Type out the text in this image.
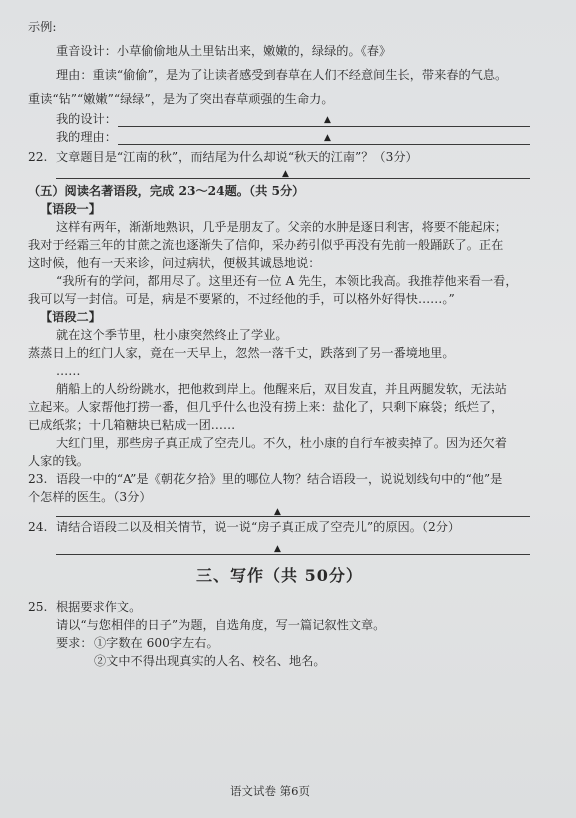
示例:
重音设计：小草偷偷地从土里钻出来，嫩嫩的，绿绿的。《春》
理由：重读“偷偷”，是为了让读者感受到春草在人们不经意间生长，带来春的气息。
重读“钻”“嫩嫩”“绿绿”，是为了突出春草顽强的生命力。
我的设计：	▲
我的理由：	▲
22. 文章题目是“江南的秋”，而结尾为什么却说“秋天的江南”？（3分）
▲
（五）阅读名著语段，完成 23～24题。（共 5分）
【语段一】
这样有两年，渐渐地熟识，几乎是朋友了。父亲的水肿是逐日利害，将要不能起床；
我对于经霜三年的甘蔗之流也逐渐失了信仰，采办药引似乎再没有先前一般踊跃了。正在
这时候，他有一天来诊，问过病状，便极其诚恳地说：
“我所有的学问，都用尽了。这里还有一位 A 先生，本领比我高。我推荐他来看一看，
我可以写一封信。可是，病是不要紧的，不过经他的手，可以格外好得快……。”
【语段二】
就在这个季节里，杜小康突然终止了学业。
蒸蒸日上的红门人家，竟在一天早上，忽然一落千丈，跌落到了另一番境地里。
……
艄船上的人纷纷跳水，把他救到岸上。他醒来后，双目发直，并且两腿发软，无法站
立起来。人家帮他打捞一番，但几乎什么也没有捞上来：盐化了，只剩下麻袋；纸烂了，
已成纸浆；十几箱糖块已粘成一团……
大红门里，那些房子真正成了空壳儿。不久，杜小康的自行车被卖掉了。因为还欠着
人家的钱。
23. 语段一中的“A”是《朝花夕拾》里的哪位人物？结合语段一，说说划线句中的“他”是
个怎样的医生。（3分）
▲
24. 请结合语段二以及相关情节，说一说“房子真正成了空壳儿”的原因。（2分）
▲
三、写作（共 50分）
25. 根据要求作文。
请以“与您相伴的日子”为题，自选角度，写一篇记叙性文章。
要求： ①字数在 600字左右。
②文中不得出现真实的人名、校名、地名。
语文试卷 第6页
